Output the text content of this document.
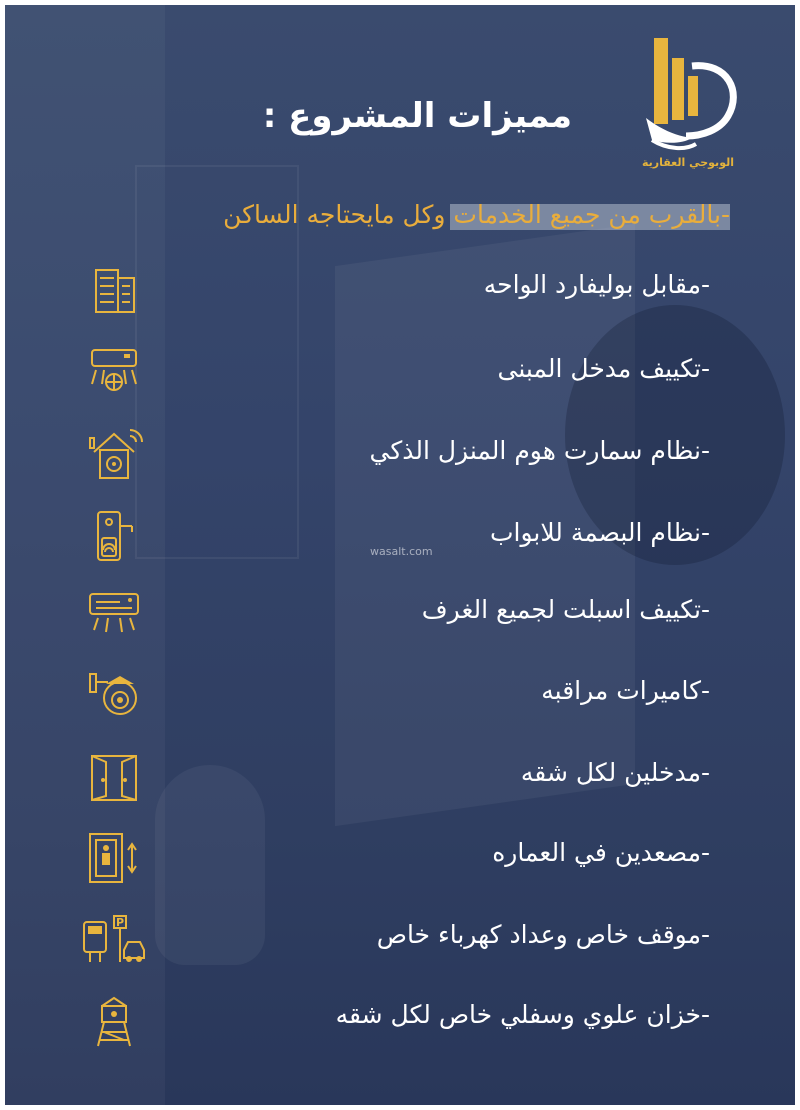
الوبوجي العقارية
مميزات المشروع :
-بالقرب من جميع الخدمات وكل مايحتاجه الساكن
-مقابل بوليفارد الواحه
-تكييف مدخل المبنى
-نظام سمارت هوم المنزل الذكي
-نظام البصمة للابواب
-تكييف اسبلت لجميع الغرف
-كاميرات مراقبه
-مدخلين لكل شقه
-مصعدين في العماره
-موقف خاص وعداد كهرباء خاص
-خزان علوي وسفلي خاص لكل شقه
P
wasalt.com
